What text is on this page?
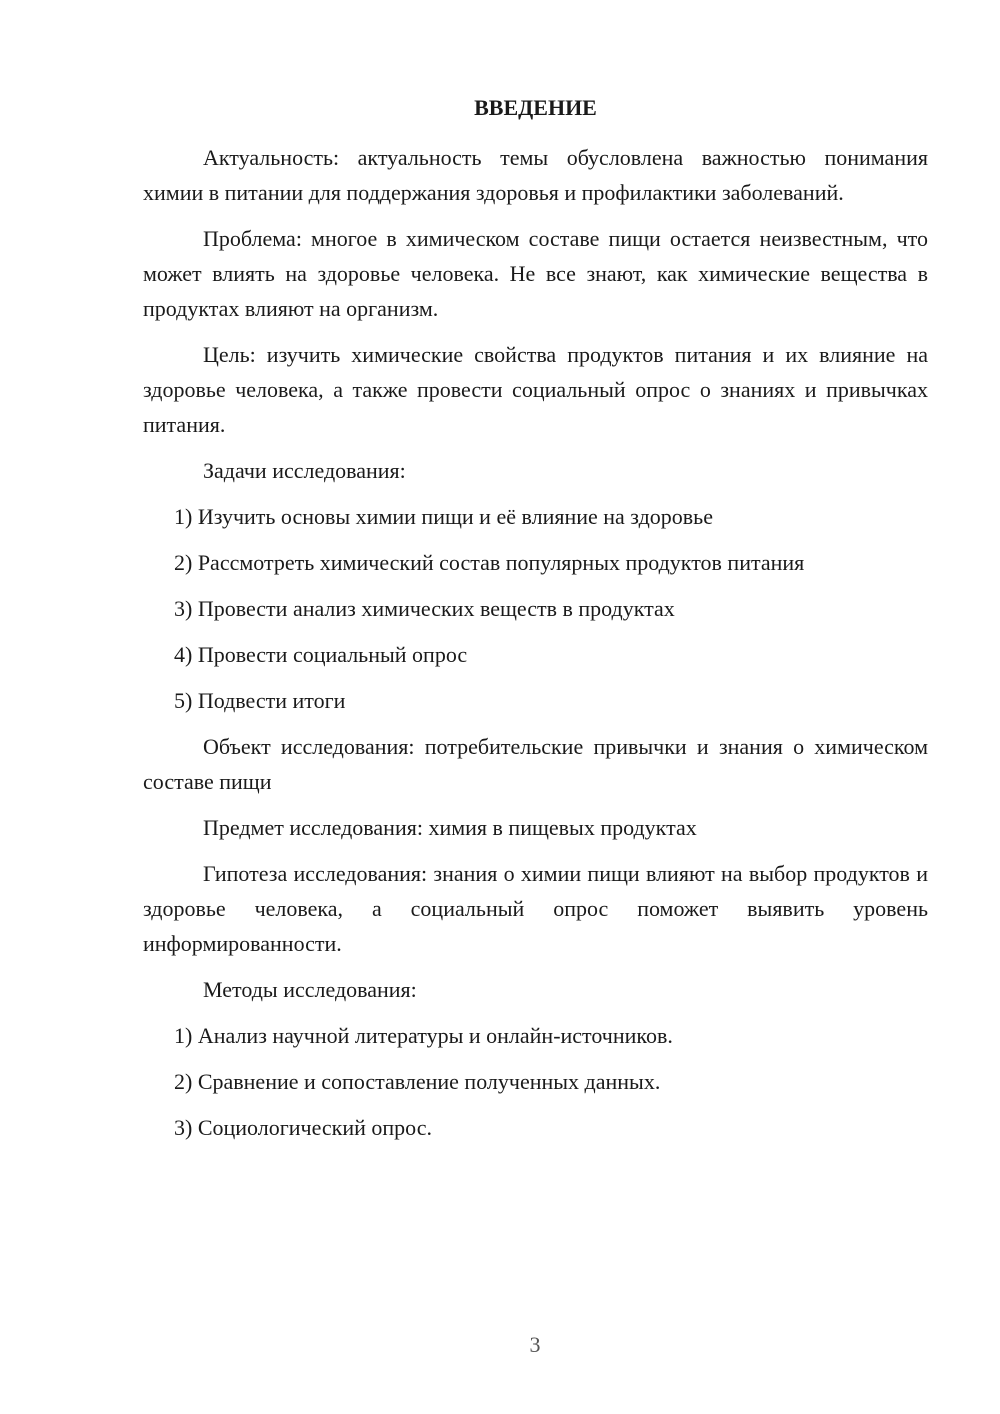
ВВЕДЕНИЕ

Актуальность: актуальность темы обусловлена важностью понимания химии в питании для поддержания здоровья и профилактики заболеваний.

Проблема: многое в химическом составе пищи остается неизвестным, что может влиять на здоровье человека. Не все знают, как химические вещества в продуктах влияют на организм.

Цель: изучить химические свойства продуктов питания и их влияние на здоровье человека, а также провести социальный опрос о знаниях и привычках питания.

Задачи исследования:
1) Изучить основы химии пищи и её влияние на здоровье
2) Рассмотреть химический состав популярных продуктов питания
3) Провести анализ химических веществ в продуктах
4) Провести социальный опрос
5) Подвести итоги

Объект исследования: потребительские привычки и знания о химическом составе пищи

Предмет исследования: химия в пищевых продуктах

Гипотеза исследования: знания о химии пищи влияют на выбор продуктов и здоровье человека, а социальный опрос поможет выявить уровень информированности.

Методы исследования:
1) Анализ научной литературы и онлайн-источников.
2) Сравнение и сопоставление полученных данных.
3) Социологический опрос.
3
